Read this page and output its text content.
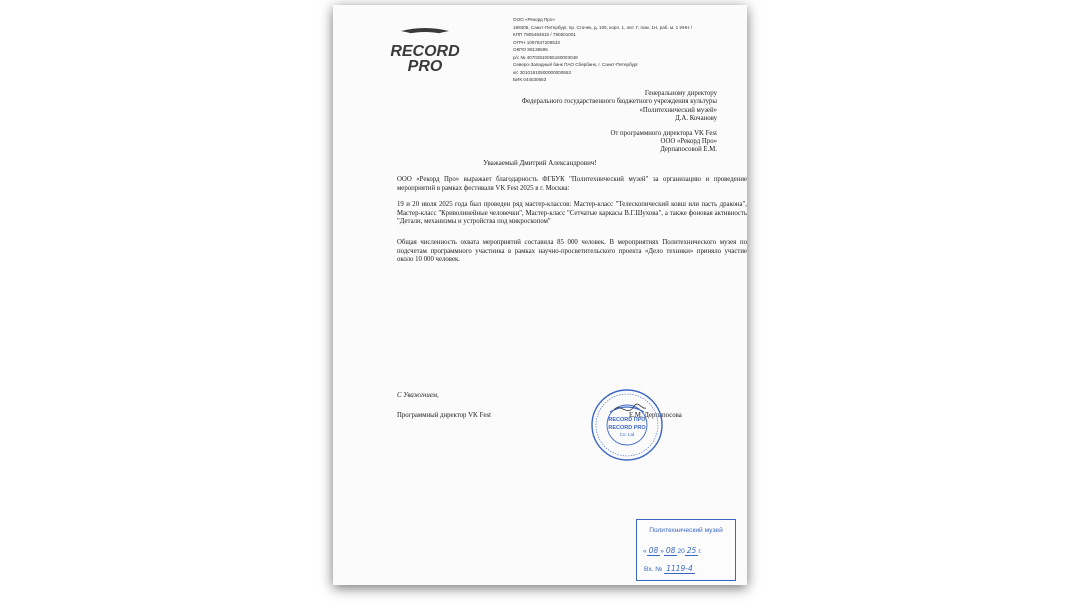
RECORD
PRO
ООО «Рекорд Про»
198305, Санкт-Петербург, пр. Стачек, д. 105, корп. 1, лит. Г, пом. 1Н, раб. м. 1 ИНН /
КПП 7805484815 / 780501001
ОГРН 1097847209533
ОКПО 89136595
р/с № 40702810055160003048
Северо-Западный банк ПАО Сбербанк, г. Санкт-Петербург
к/с 30101810500000000653
БИК 044030653
Генеральному директору
Федерального государственного бюджетного учреждения культуры
«Политехнический музей»
Д.А. Кочанову
От программного директора VK Fest
ООО «Рекорд Про»
Дерпапосовой Е.М.
Уважаемый Дмитрий Александрович!
ООО «Рекорд Про» выражает благодарность ФГБУК "Политехнический музей" за организацию и проведение мероприятий в рамках фестиваля VK Fest 2025 в г. Москва:
19 и 20 июля 2025 года был проведен ряд мастер-классов: Мастер-класс "Телескопический ковш или пасть дракона", Мастер-класс "Криволинейные человечки", Мастер-класс "Сетчатые каркасы В.Г.Шухова", а также фоновая активность "Детали, механизмы и устройства под микроскопом"
Общая численность охвата мероприятий составила 85 000 человек. В мероприятиях Политехнического музея по подсчетам программного участника в рамках научно-просветительского проекта «Дело техники» приняло участие около 10 000 человек.
С Уважением,
Программный директор VK Fest	Е.М. Дерпапосова
RECORD ПРО
RECORD PRO
Co. Ltd
Политехнический музей
« 08 » 08 20 25 г.
Вх. № 1119-4
